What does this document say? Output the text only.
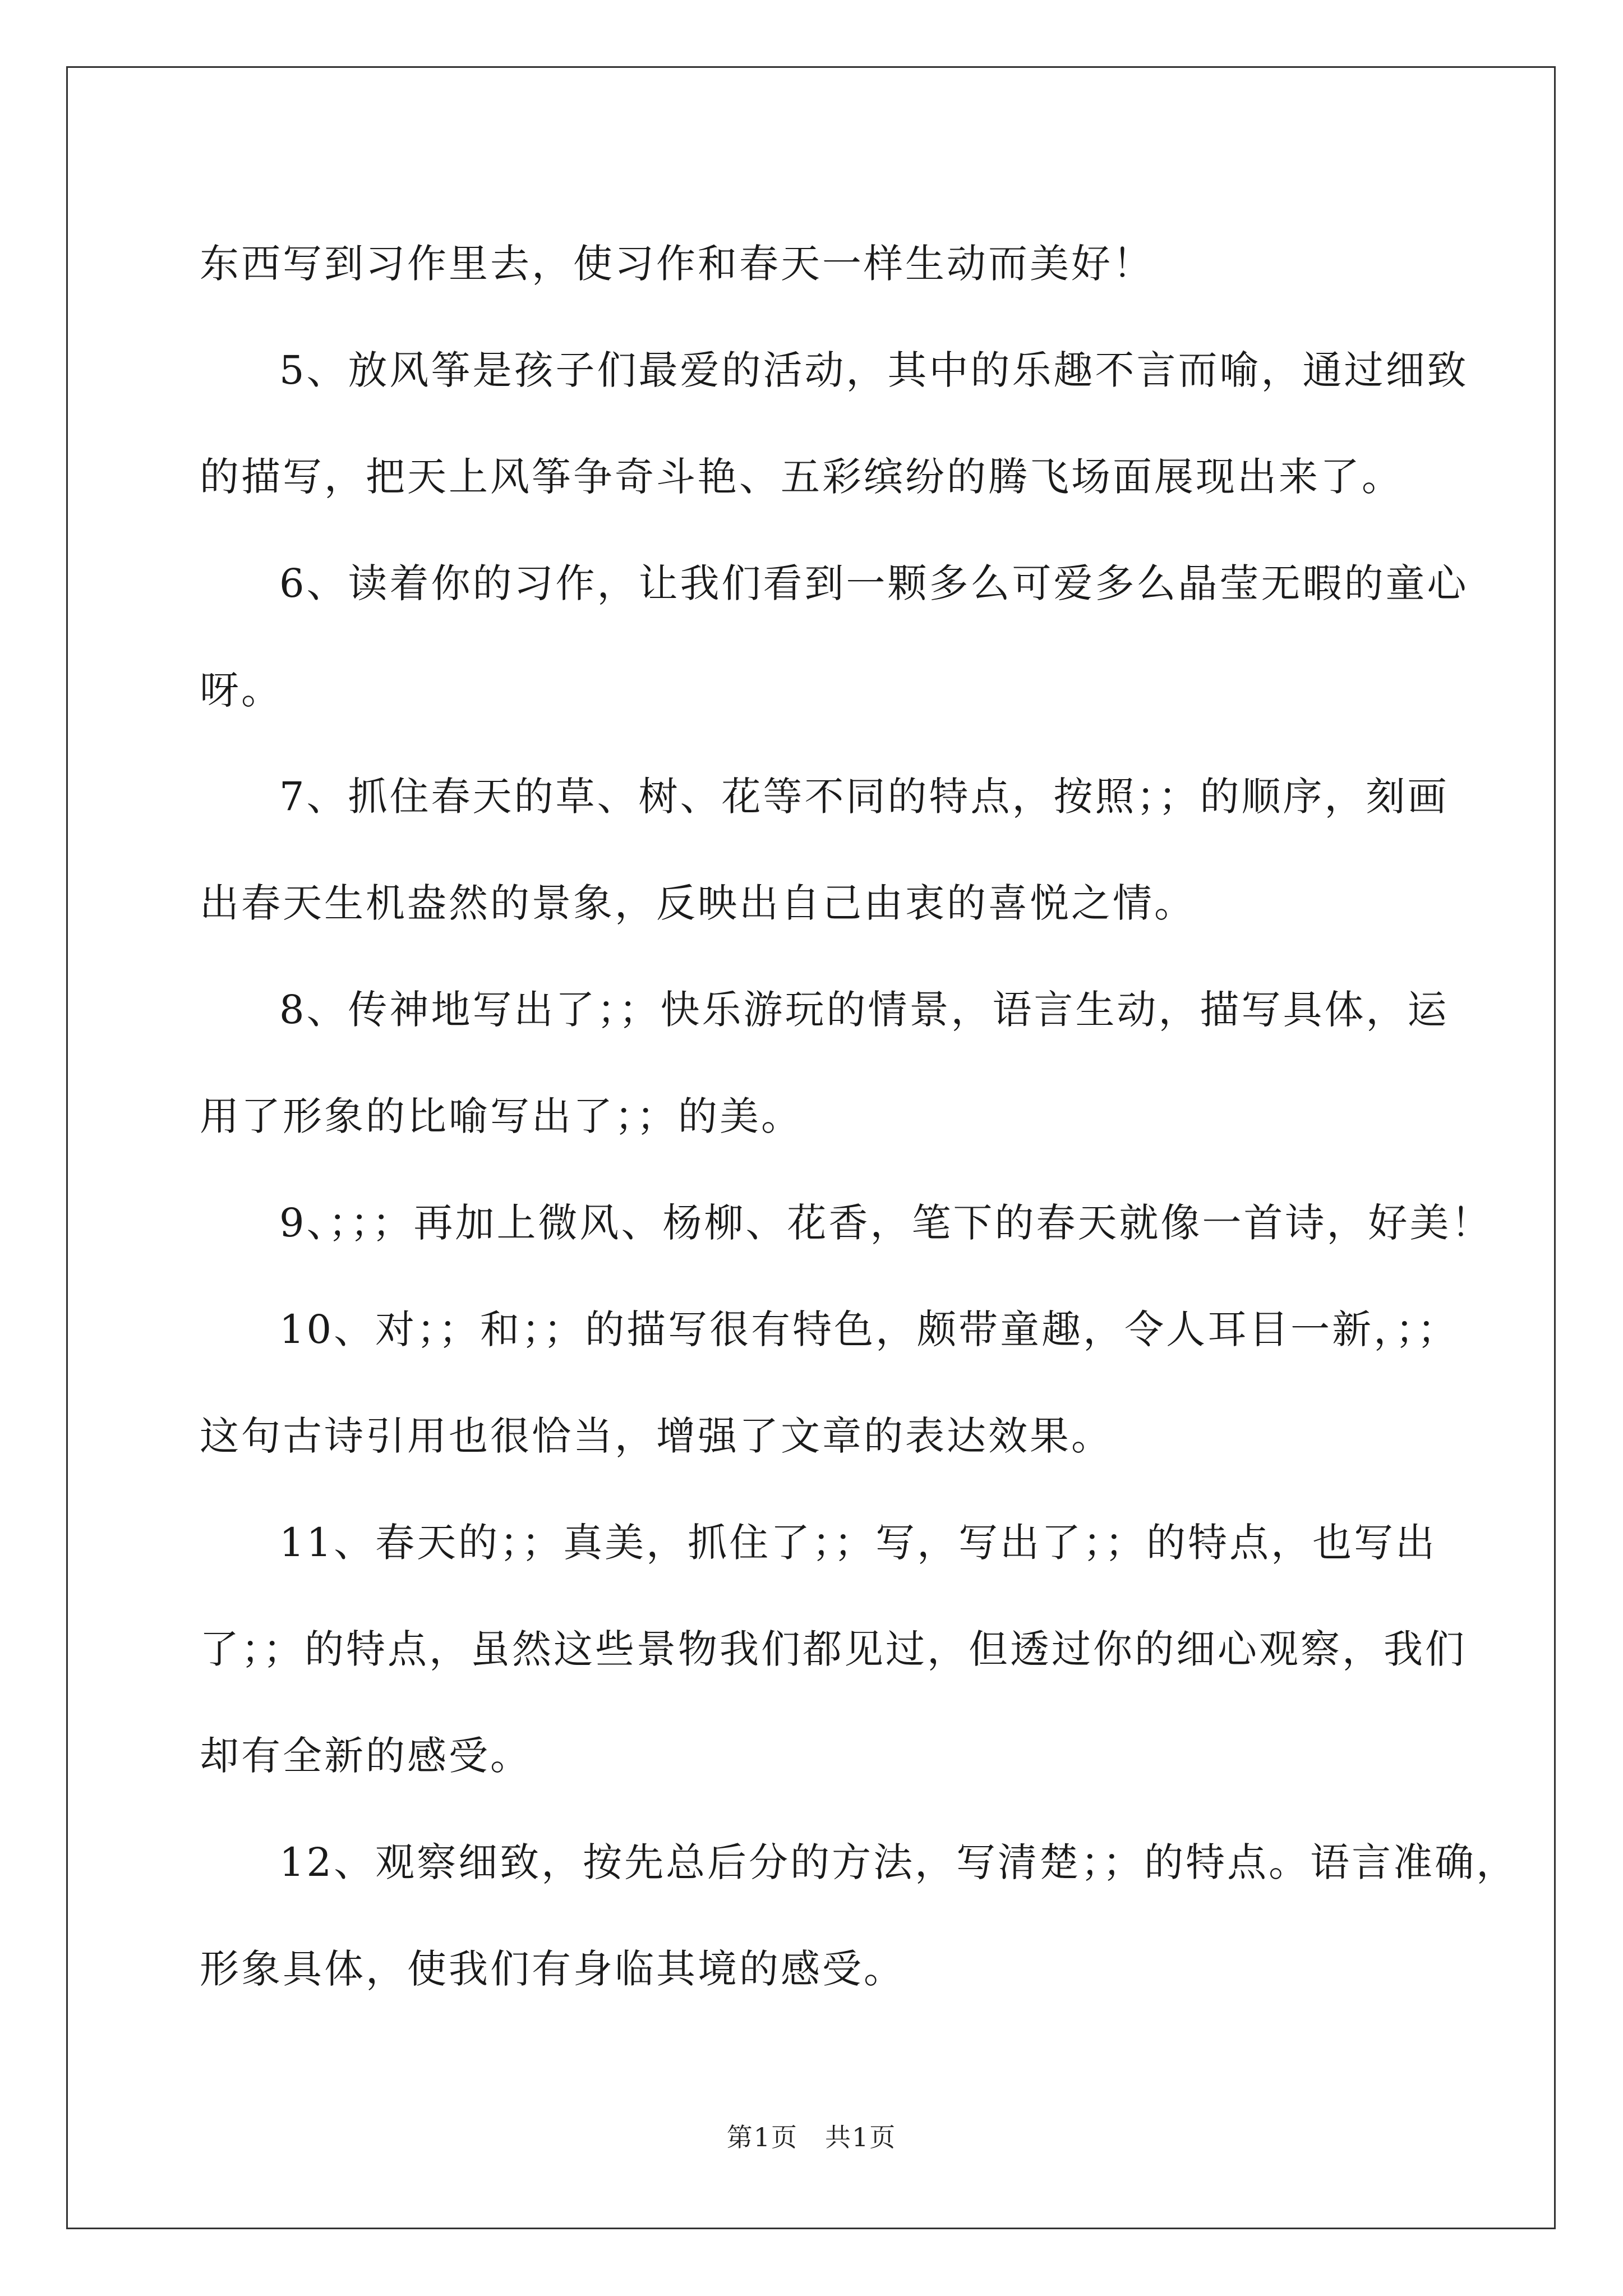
东西写到习作里去，使习作和春天一样生动而美好！
5、放风筝是孩子们最爱的活动，其中的乐趣不言而喻，通过细致
的描写，把天上风筝争奇斗艳、五彩缤纷的腾飞场面展现出来了。
6、读着你的习作，让我们看到一颗多么可爱多么晶莹无暇的童心
呀。
7、抓住春天的草、树、花等不同的特点，按照；；的顺序，刻画
出春天生机盎然的景象，反映出自己由衷的喜悦之情。
8、传神地写出了；；快乐游玩的情景，语言生动，描写具体，运
用了形象的比喻写出了；；的美。
9、；；；再加上微风、杨柳、花香，笔下的春天就像一首诗，好美！
10、对；；和；；的描写很有特色，颇带童趣，令人耳目一新，；；
这句古诗引用也很恰当，增强了文章的表达效果。
11、春天的；；真美，抓住了；；写，写出了；；的特点，也写出
了；；的特点，虽然这些景物我们都见过，但透过你的细心观察，我们
却有全新的感受。
12、观察细致，按先总后分的方法，写清楚；；的特点。语言准确，
形象具体，使我们有身临其境的感受。
第1页　共1页
